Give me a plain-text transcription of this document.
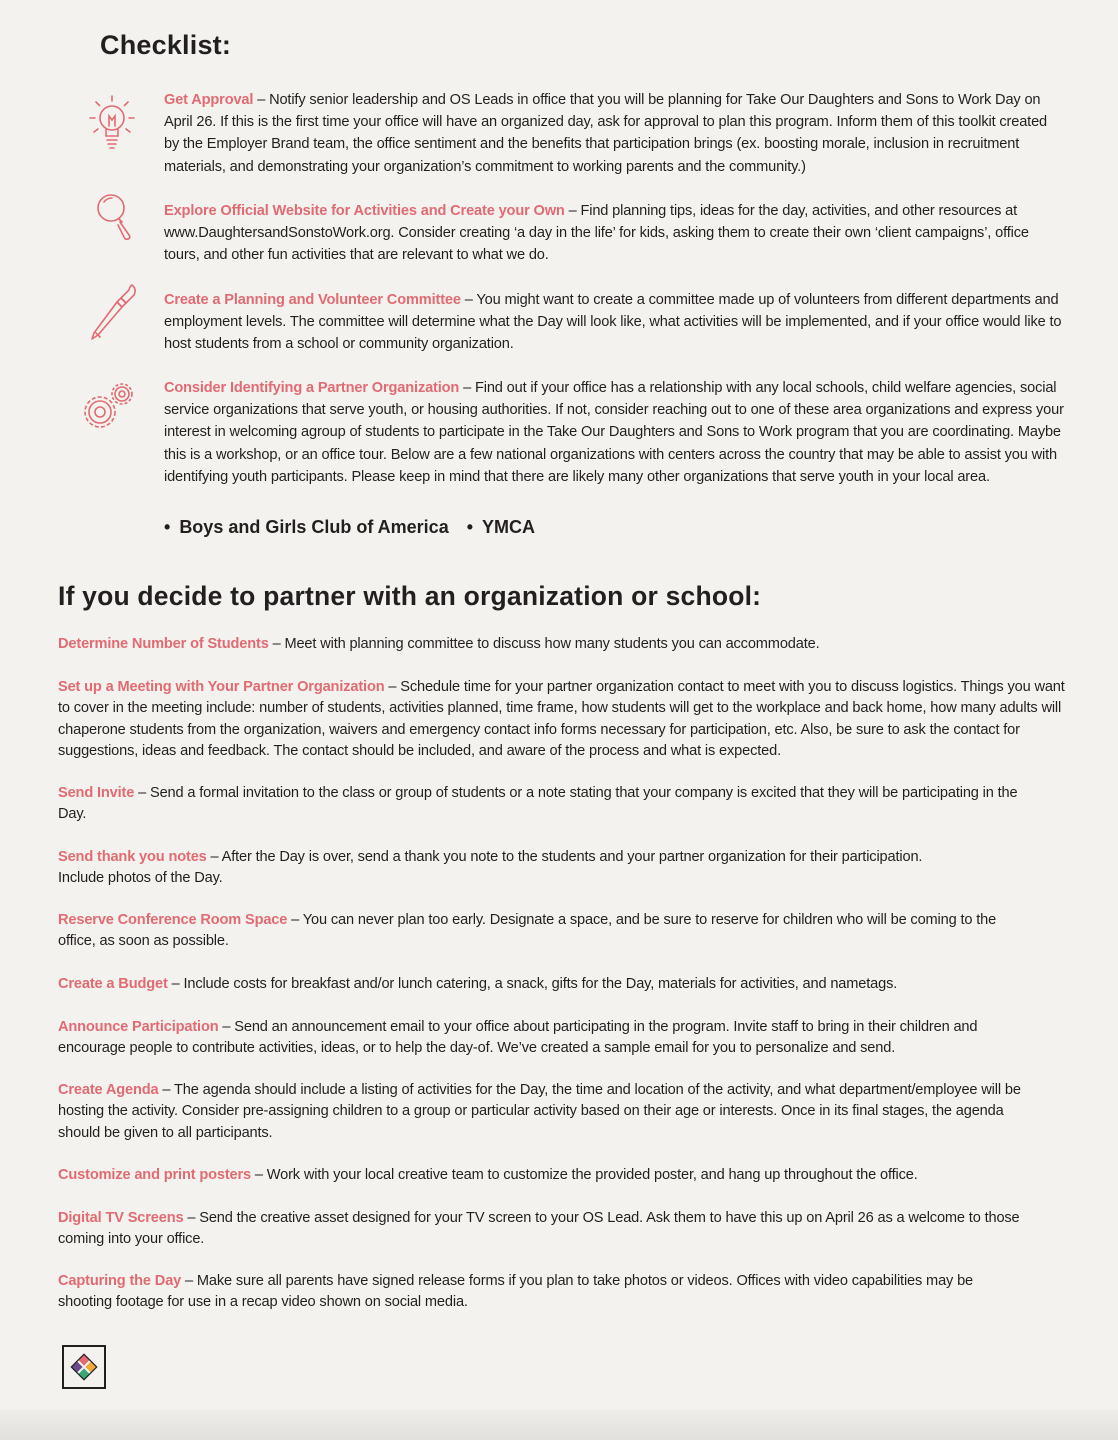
Checklist:
Get Approval – Notify senior leadership and OS Leads in office that you will be planning for Take Our Daughters and Sons to Work Day on April 26. If this is the first time your office will have an organized day, ask for approval to plan this program. Inform them of this toolkit created by the Employer Brand team, the office sentiment and the benefits that participation brings (ex. boosting morale, inclusion in recruitment materials, and demonstrating your organization’s commitment to working parents and the community.)
Explore Official Website for Activities and Create your Own – Find planning tips, ideas for the day, activities, and other resources at www.DaughtersandSonstoWork.org. Consider creating ‘a day in the life’ for kids, asking them to create their own ‘client campaigns’, office tours, and other fun activities that are relevant to what we do.
Create a Planning and Volunteer Committee – You might want to create a committee made up of volunteers from different departments and employment levels. The committee will determine what the Day will look like, what activities will be implemented, and if your office would like to host students from a school or community organization.
Consider Identifying a Partner Organization – Find out if your office has a relationship with any local schools, child welfare agencies, social service organizations that serve youth, or housing authorities. If not, consider reaching out to one of these area organizations and express your interest in welcoming agroup of students to participate in the Take Our Daughters and Sons to Work program that you are coordinating. Maybe this is a workshop, or an office tour. Below are a few national organizations with centers across the country that may be able to assist you with identifying youth participants. Please keep in mind that there are likely many other organizations that serve youth in your local area.
• Boys and Girls Club of America • YMCA
If you decide to partner with an organization or school:
Determine Number of Students – Meet with planning committee to discuss how many students you can accommodate.
Set up a Meeting with Your Partner Organization – Schedule time for your partner organization contact to meet with you to discuss logistics. Things you want to cover in the meeting include: number of students, activities planned, time frame, how students will get to the workplace and back home, how many adults will chaperone students from the organization, waivers and emergency contact info forms necessary for participation, etc. Also, be sure to ask the contact for suggestions, ideas and feedback. The contact should be included, and aware of the process and what is expected.
Send Invite – Send a formal invitation to the class or group of students or a note stating that your company is excited that they will be participating in the Day.
Send thank you notes – After the Day is over, send a thank you note to the students and your partner organization for their participation. Include photos of the Day.
Reserve Conference Room Space – You can never plan too early. Designate a space, and be sure to reserve for children who will be coming to the office, as soon as possible.
Create a Budget – Include costs for breakfast and/or lunch catering, a snack, gifts for the Day, materials for activities, and nametags.
Announce Participation – Send an announcement email to your office about participating in the program. Invite staff to bring in their children and encourage people to contribute activities, ideas, or to help the day-of. We’ve created a sample email for you to personalize and send.
Create Agenda – The agenda should include a listing of activities for the Day, the time and location of the activity, and what department/employee will be hosting the activity. Consider pre-assigning children to a group or particular activity based on their age or interests. Once in its final stages, the agenda should be given to all participants.
Customize and print posters – Work with your local creative team to customize the provided poster, and hang up throughout the office.
Digital TV Screens – Send the creative asset designed for your TV screen to your OS Lead. Ask them to have this up on April 26 as a welcome to those coming into your office.
Capturing the Day – Make sure all parents have signed release forms if you plan to take photos or videos. Offices with video capabilities may be shooting footage for use in a recap video shown on social media.
